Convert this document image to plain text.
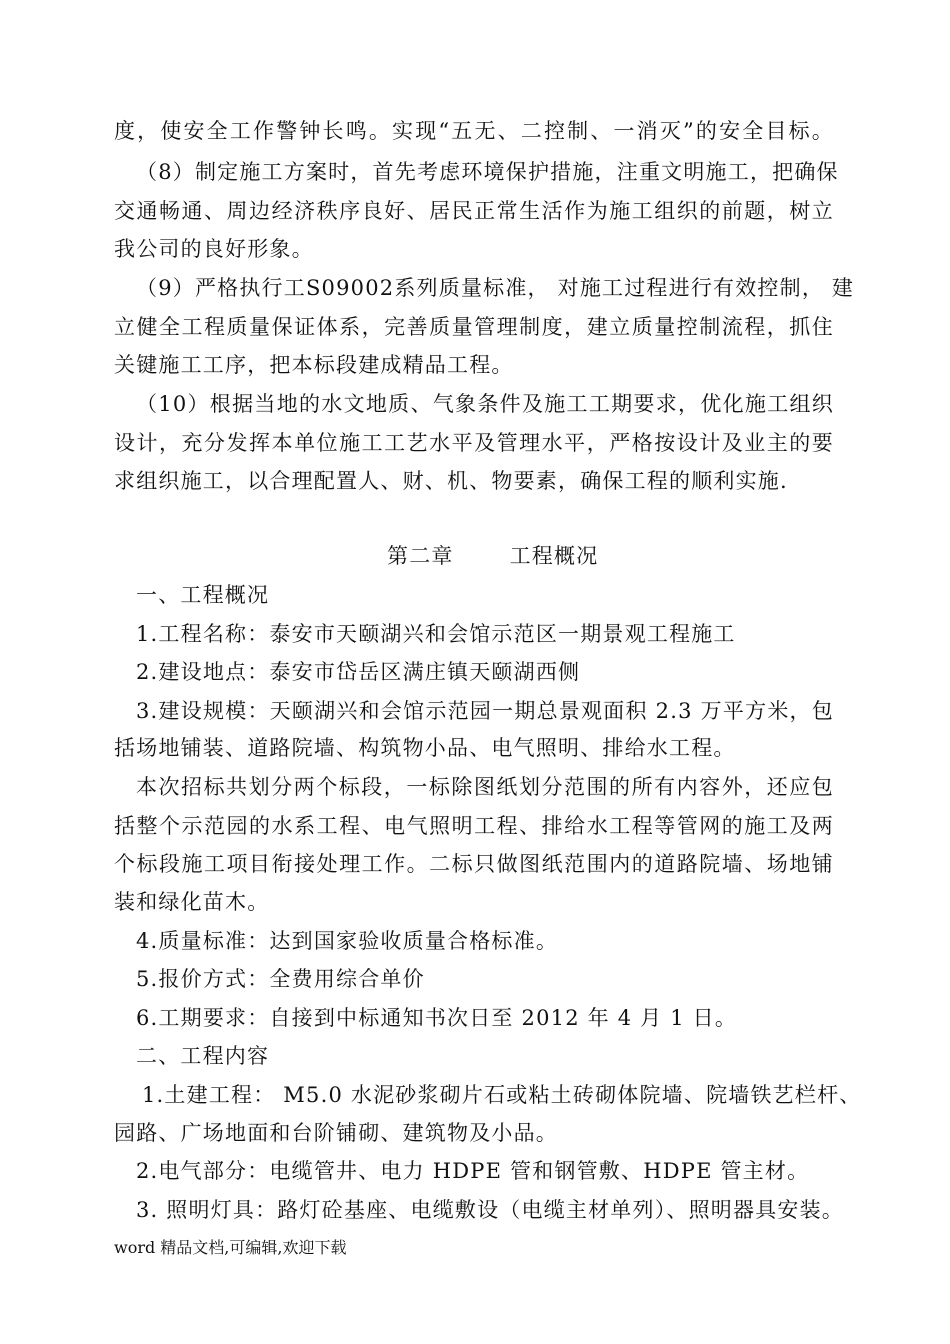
度，使安全工作警钟长鸣。实现“五无、二控制、一消灭”的安全目标。
（8）制定施工方案时，首先考虑环境保护措施，注重文明施工，把确保
交通畅通、周边经济秩序良好、居民正常生活作为施工组织的前题，树立
我公司的良好形象。
（9）严格执行工S09002系列质量标准， 对施工过程进行有效控制， 建
立健全工程质量保证体系，完善质量管理制度，建立质量控制流程，抓住
关键施工工序，把本标段建成精品工程。
（10）根据当地的水文地质、气象条件及施工工期要求，优化施工组织
设计，充分发挥本单位施工工艺水平及管理水平，严格按设计及业主的要
求组织施工，以合理配置人、财、机、物要素，确保工程的顺利实施.
第二章	工程概况
一、工程概况
1.工程名称：泰安市天颐湖兴和会馆示范区一期景观工程施工
2.建设地点：泰安市岱岳区满庄镇天颐湖西侧
3.建设规模：天颐湖兴和会馆示范园一期总景观面积 2.3 万平方米，包
括场地铺装、道路院墙、构筑物小品、电气照明、排给水工程。
本次招标共划分两个标段，一标除图纸划分范围的所有内容外，还应包
括整个示范园的水系工程、电气照明工程、排给水工程等管网的施工及两
个标段施工项目衔接处理工作。二标只做图纸范围内的道路院墙、场地铺
装和绿化苗木。
4.质量标准：达到国家验收质量合格标准。
5.报价方式：全费用综合单价
6.工期要求：自接到中标通知书次日至 2012 年 4 月 1 日。
二、工程内容
1.土建工程： M5.0 水泥砂浆砌片石或粘土砖砌体院墙、院墙铁艺栏杆、
园路、广场地面和台阶铺砌、建筑物及小品。
2.电气部分：电缆管井、电力 HDPE 管和钢管敷、HDPE 管主材。
3. 照明灯具：路灯砼基座、电缆敷设（电缆主材单列）、照明器具安装。
word 精品文档,可编辑,欢迎下载
